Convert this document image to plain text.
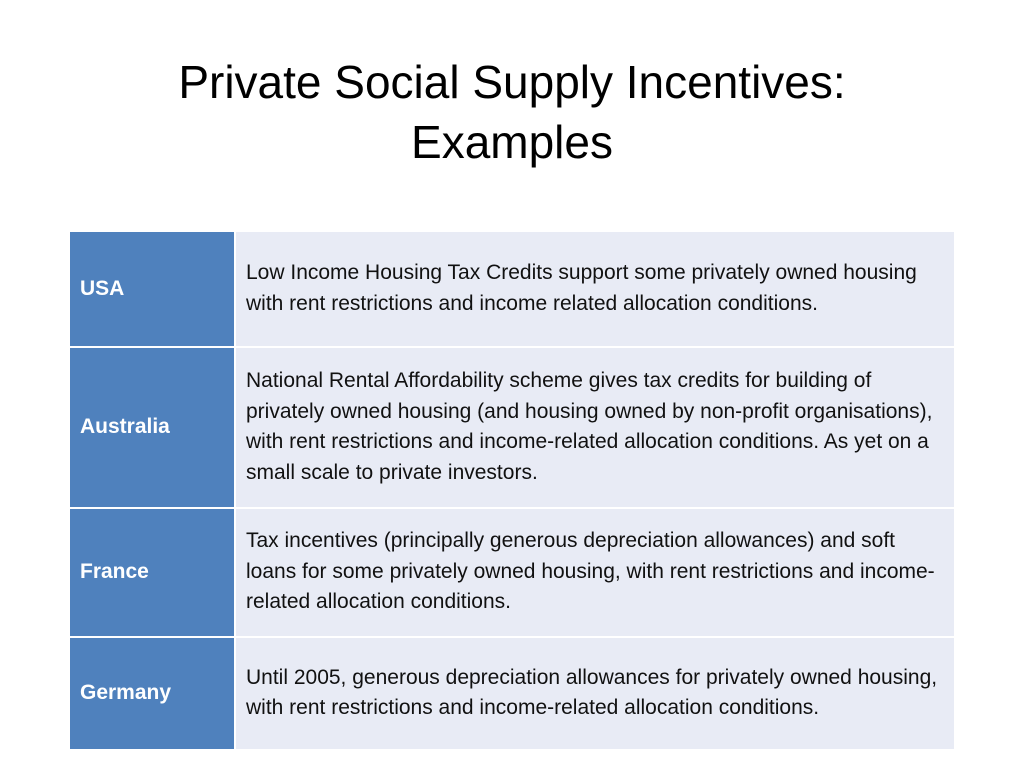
Private Social Supply Incentives:
Examples
USA	Low Income Housing Tax Credits support some privately owned housing with rent restrictions and income related allocation conditions.
Australia	National Rental Affordability scheme gives tax credits for building of privately owned housing (and housing owned by non-profit organisations), with rent restrictions and income-related allocation conditions. As yet on a small scale to private investors.
France	Tax incentives (principally generous depreciation allowances) and soft loans for some privately owned housing, with rent restrictions and income-related allocation conditions.
Germany	Until 2005, generous depreciation allowances for privately owned housing, with rent restrictions and income-related allocation conditions.
